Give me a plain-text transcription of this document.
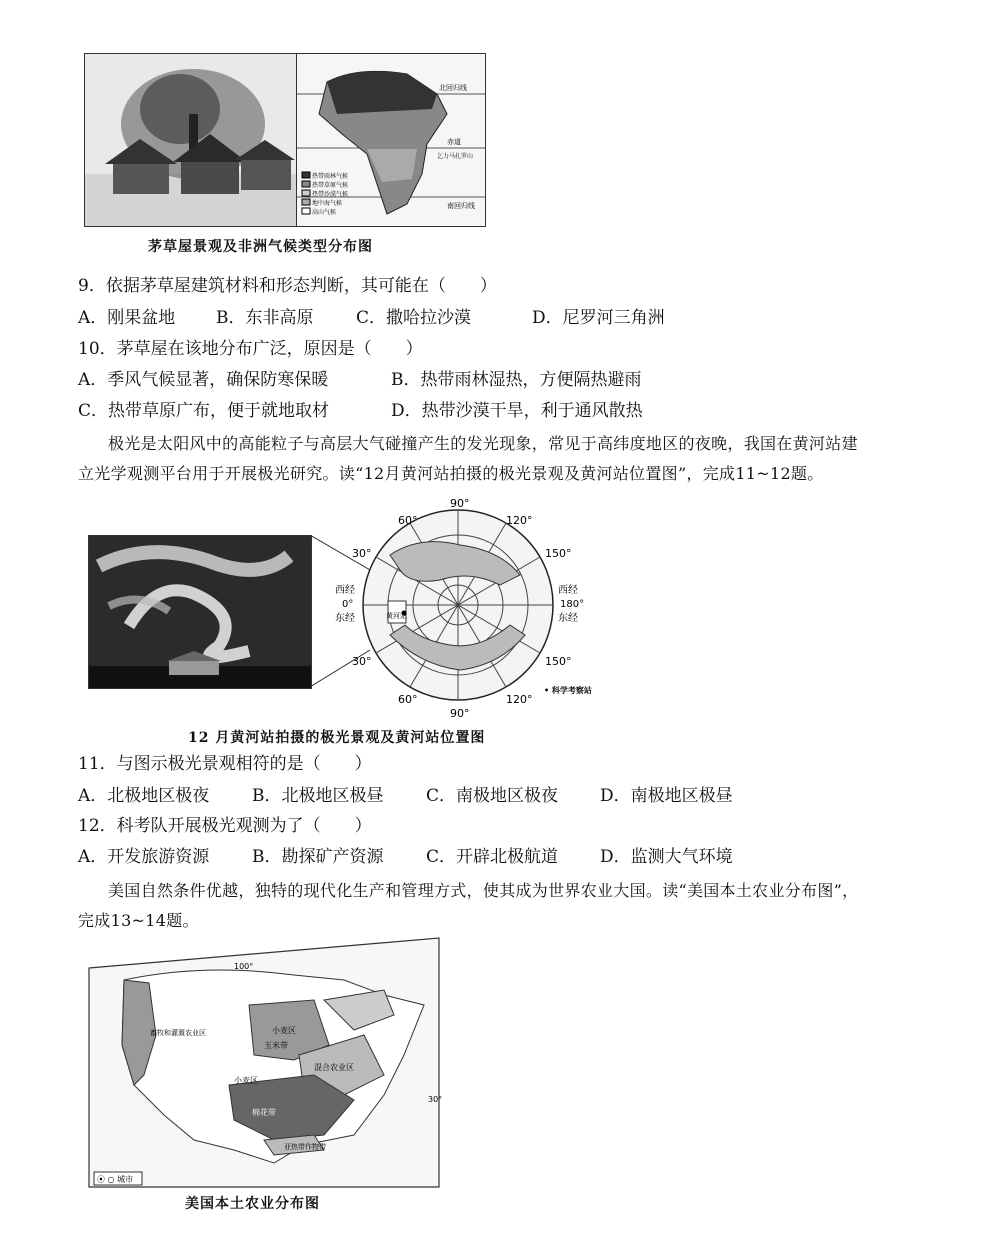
北回归线
赤道
乞力马扎罗山
南回归线
热带雨林气候
热带草原气候
热带沙漠气候
地中海气候
高山气候
茅草屋景观及非洲气候类型分布图
9．依据茅草屋建筑材料和形态判断，其可能在（　　）
A．刚果盆地 B．东非高原	C．撒哈拉沙漠	D．尼罗河三角洲
10．茅草屋在该地分布广泛，原因是（　　）
A．季风气候显著，确保防寒保暖	B．热带雨林湿热，方便隔热避雨
C．热带草原广布，便于就地取材	D．热带沙漠干旱，利于通风散热
极光是太阳风中的高能粒子与高层大气碰撞产生的发光现象，常见于高纬度地区的夜晚，我国在黄河站建
立光学观测平台用于开展极光研究。读“12月黄河站拍摄的极光景观及黄河站位置图”，完成11~12题。
黄河站
90°
90°
60°	120°
30°	150°
西经
0°
东经
西经
180°
东经
30°	150°
60°	120°
• 科学考察站
12 月黄河站拍摄的极光景观及黄河站位置图
11．与图示极光景观相符的是（　　）
A．北极地区极夜	B．北极地区极昼	C．南极地区极夜 D．南极地区极昼
12．科考队开展极光观测为了（　　）
A．开发旅游资源	B．勘探矿产资源	C．开辟北极航道 D．监测大气环境
美国自然条件优越，独特的现代化生产和管理方式，使其成为世界农业大国。读“美国本土农业分布图”，
完成13~14题。
100°
30°
畜牧和灌溉农业区	小麦区
玉米带
混合农业区
小麦区
棉花带
亚热带作物带
⦿ ○ 城市
美国本土农业分布图
